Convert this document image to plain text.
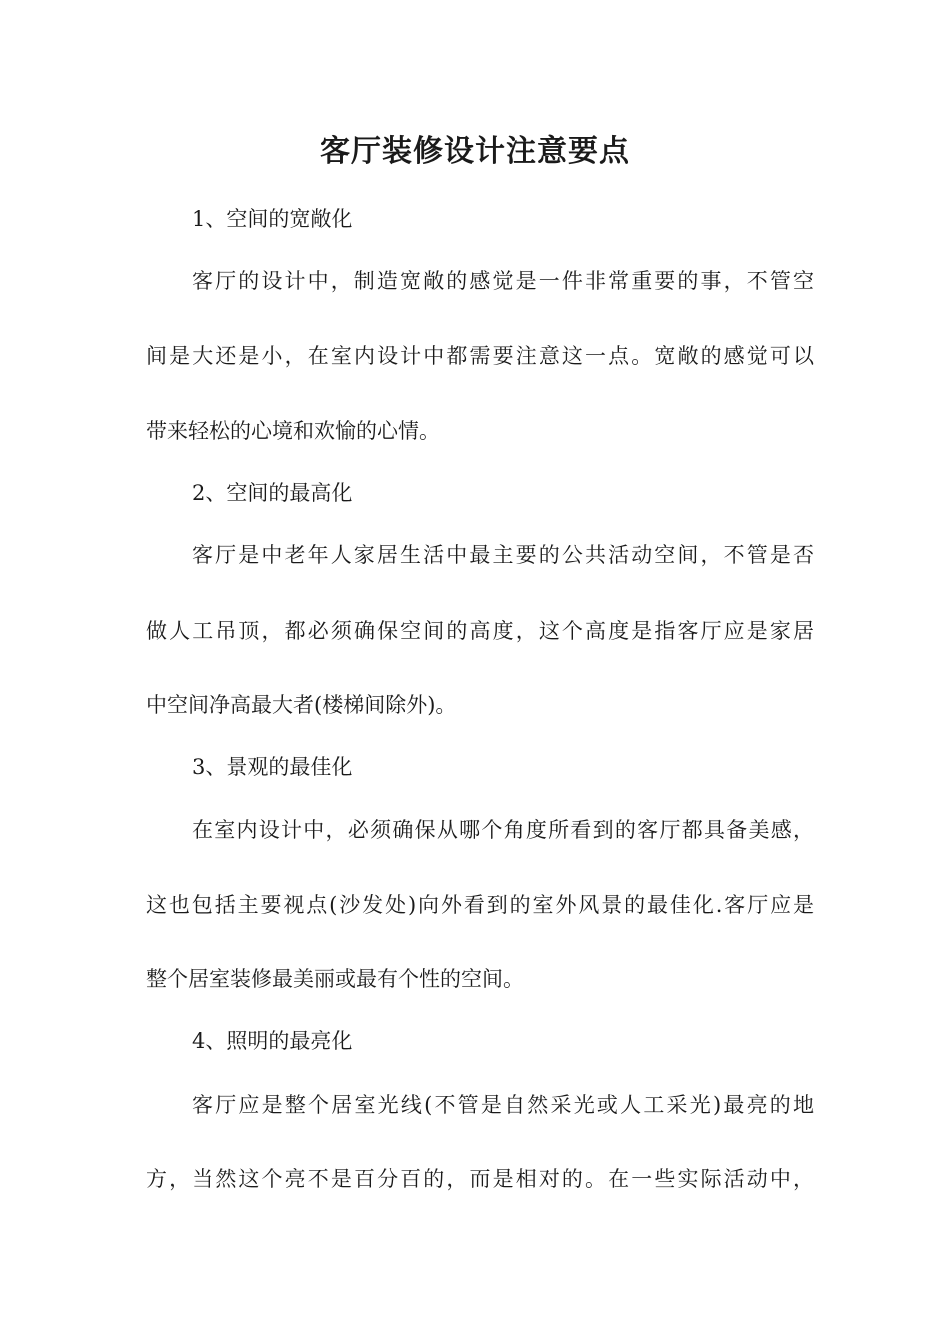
客厅装修设计注意要点

1、空间的宽敞化

客厅的设计中，制造宽敞的感觉是一件非常重要的事，不管空

间是大还是小，在室内设计中都需要注意这一点。宽敞的感觉可以

带来轻松的心境和欢愉的心情。

2、空间的最高化

客厅是中老年人家居生活中最主要的公共活动空间，不管是否

做人工吊顶，都必须确保空间的高度，这个高度是指客厅应是家居

中空间净高最大者(楼梯间除外)。

3、景观的最佳化

在室内设计中，必须确保从哪个角度所看到的客厅都具备美感，

这也包括主要视点(沙发处)向外看到的室外风景的最佳化.客厅应是

整个居室装修最美丽或最有个性的空间。

4、照明的最亮化

客厅应是整个居室光线(不管是自然采光或人工采光)最亮的地

方，当然这个亮不是百分百的，而是相对的。在一些实际活动中，
